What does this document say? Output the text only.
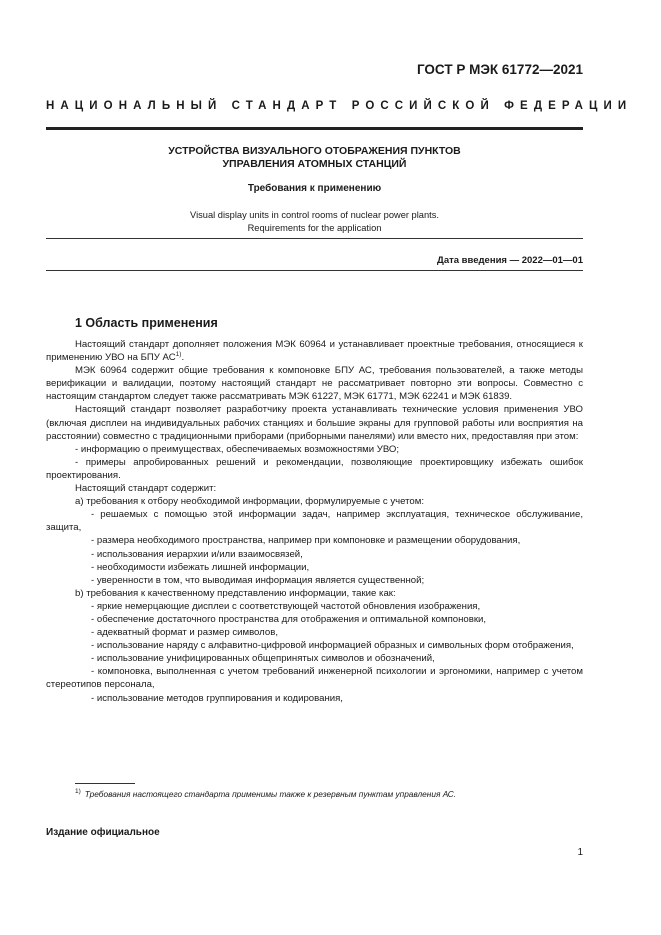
ГОСТ Р МЭК 61772—2021
НАЦИОНАЛЬНЫЙ СТАНДАРТ РОССИЙСКОЙ ФЕДЕРАЦИИ
УСТРОЙСТВА ВИЗУАЛЬНОГО ОТОБРАЖЕНИЯ ПУНКТОВ
УПРАВЛЕНИЯ АТОМНЫХ СТАНЦИЙ
Требования к применению
Visual display units in control rooms of nuclear power plants.
Requirements for the application
Дата введения — 2022—01—01
1 Область применения

Настоящий стандарт дополняет положения МЭК 60964 и устанавливает проектные требования, относящиеся к применению УВО на БПУ АС$^{1)}$.

МЭК 60964 содержит общие требования к компоновке БПУ АС, требования пользователей, а также методы верификации и валидации, поэтому настоящий стандарт не рассматривает повторно эти вопросы. Совместно с настоящим стандартом следует также рассматривать МЭК 61227, МЭК 61771, МЭК 62241 и МЭК 61839.

Настоящий стандарт позволяет разработчику проекта устанавливать технические условия применения УВО (включая дисплеи на индивидуальных рабочих станциях и большие экраны для групповой работы или восприятия на расстоянии) совместно с традиционными приборами (приборными панелями) или вместо них, предоставляя при этом:

- информацию о преимуществах, обеспечиваемых возможностями УВО;

- примеры апробированных решений и рекомендации, позволяющие проектировщику избежать ошибок проектирования.

Настоящий стандарт содержит:

a) требования к отбору необходимой информации, формулируемые с учетом:

- решаемых с помощью этой информации задач, например эксплуатация, техническое обслуживание, защита,

- размера необходимого пространства, например при компоновке и размещении оборудования,

- использования иерархии и/или взаимосвязей,

- необходимости избежать лишней информации,

- уверенности в том, что выводимая информация является существенной;

b) требования к качественному представлению информации, такие как:

- яркие немерцающие дисплеи с соответствующей частотой обновления изображения,

- обеспечение достаточного пространства для отображения и оптимальной компоновки,

- адекватный формат и размер символов,

- использование наряду с алфавитно-цифровой информацией образных и символьных форм отображения,

- использование унифицированных общепринятых символов и обозначений,

- компоновка, выполненная с учетом требований инженерной психологии и эргономики, например с учетом стереотипов персонала,

- использование методов группирования и кодирования,

$^{1)}$ Требования настоящего стандарта применимы также к резервным пунктам управления АС.
Издание официальное
1
